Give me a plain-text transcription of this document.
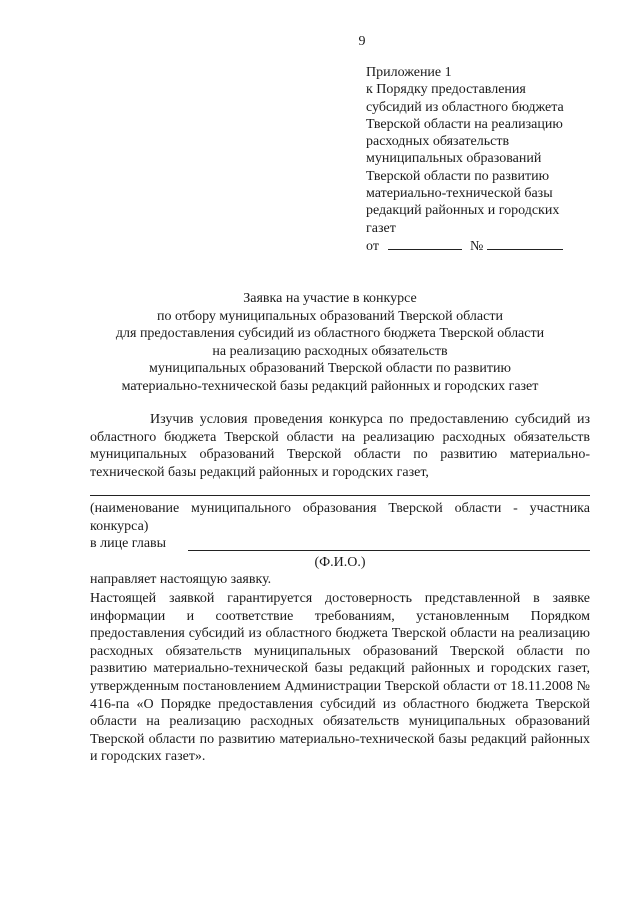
9
Приложение 1
к Порядку предоставления
субсидий из областного бюджета
Тверской области на реализацию
расходных обязательств
муниципальных образований
Тверской области по развитию
материально-технической базы
редакций районных и городских
газет
от	№
Заявка на участие в конкурсе
по отбору муниципальных образований Тверской области
для предоставления субсидий из областного бюджета Тверской области
на реализацию расходных обязательств
муниципальных образований Тверской области по развитию
материально-технической базы редакций районных и городских газет

Изучив условия проведения конкурса по предоставлению субсидий из областного бюджета Тверской области на реализацию расходных обязательств муниципальных образований Тверской области по развитию материально-технической базы редакций районных и городских газет,

(наименование муниципального образования Тверской области - участника конкурса)

в лице главы
(Ф.И.О.)
направляет настоящую заявку.

Настоящей заявкой гарантируется достоверность представленной в заявке информации и соответствие требованиям, установленным Порядком предоставления субсидий из областного бюджета Тверской области на реализацию расходных обязательств муниципальных образований Тверской области по развитию материально-технической базы редакций районных и городских газет, утвержденным постановлением Администрации Тверской области от 18.11.2008 № 416-па «О Порядке предоставления субсидий из областного бюджета Тверской области на реализацию расходных обязательств муниципальных образований Тверской области по развитию материально-технической базы редакций районных и городских газет».
